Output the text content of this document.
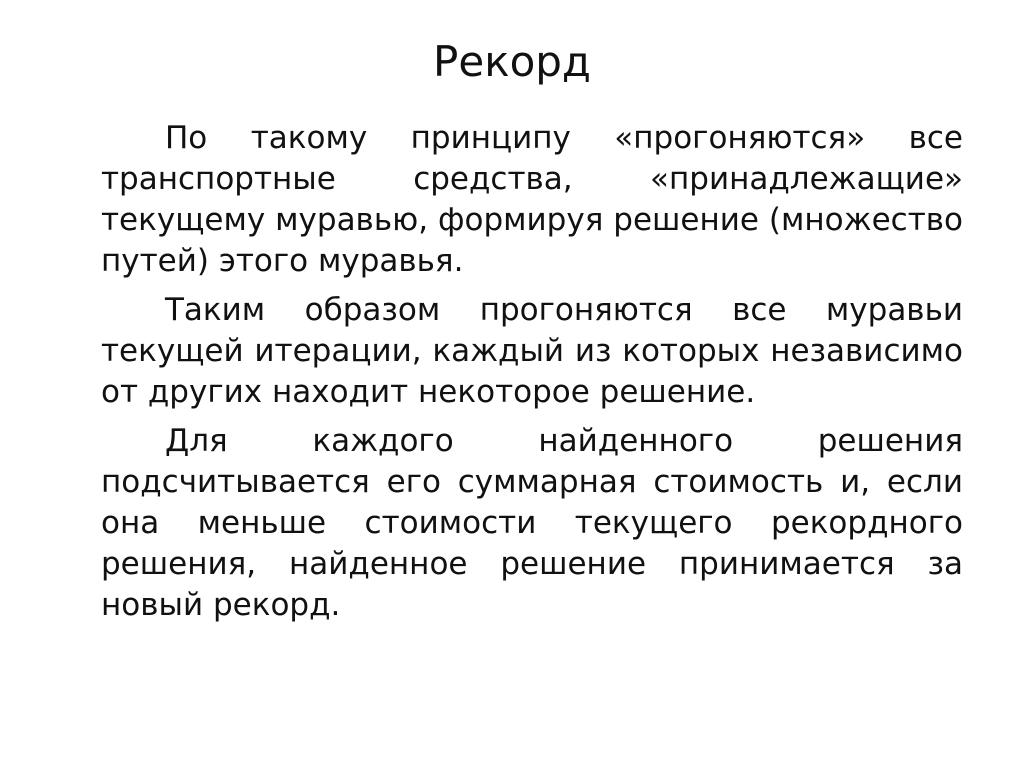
Рекорд

По такому принципу «прогоняются» все транспортные средства, «принадлежащие» текущему муравью, формируя решение (множество путей) этого муравья.

Таким образом прогоняются все муравьи текущей итерации, каждый из которых независимо от других находит некоторое решение.

Для каждого найденного решения подсчитывается его суммарная стоимость и, если она меньше стоимости текущего рекордного решения, найденное решение принимается за новый рекорд.
